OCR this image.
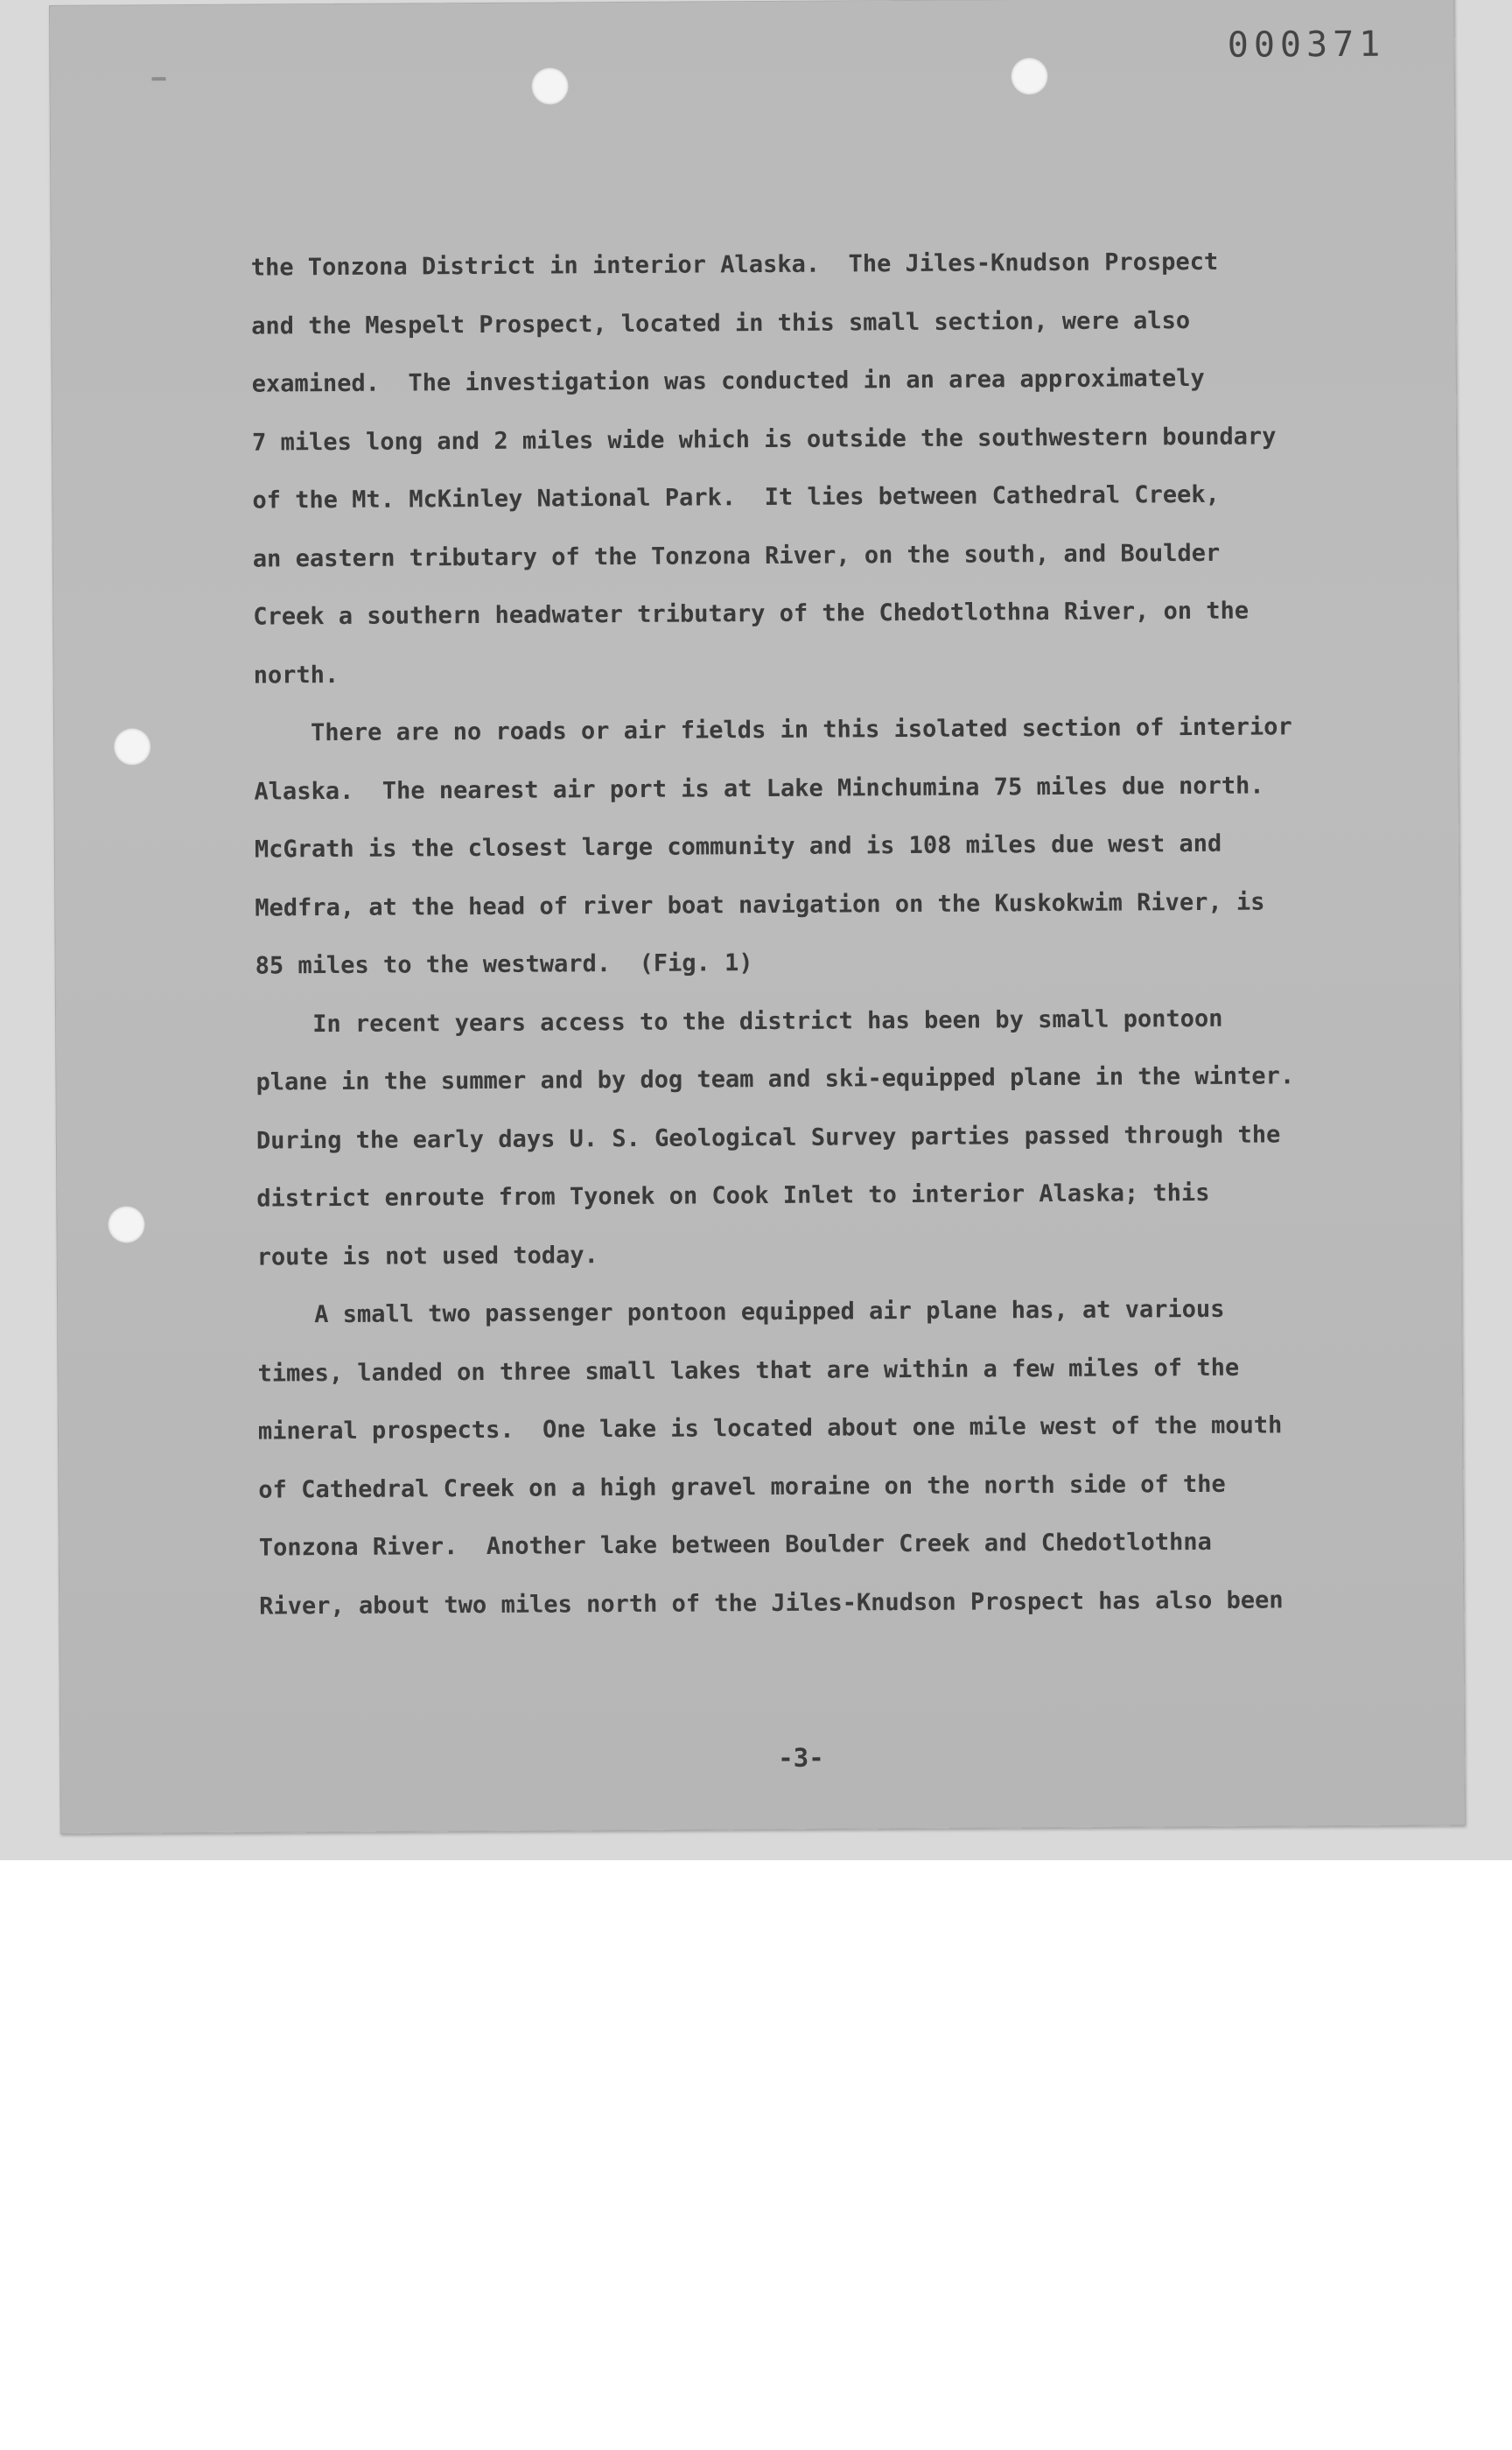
000371

the Tonzona District in interior Alaska.  The Jiles-Knudson Prospect

and the Mespelt Prospect, located in this small section, were also

examined.  The investigation was conducted in an area approximately

7 miles long and 2 miles wide which is outside the southwestern boundary

of the Mt. McKinley National Park.  It lies between Cathedral Creek,

an eastern tributary of the Tonzona River, on the south, and Boulder

Creek a southern headwater tributary of the Chedotlothna River, on the

north.

There are no roads or air fields in this isolated section of interior

Alaska.  The nearest air port is at Lake Minchumina 75 miles due north.

McGrath is the closest large community and is 108 miles due west and

Medfra, at the head of river boat navigation on the Kuskokwim River, is

85 miles to the westward.  (Fig. 1)

In recent years access to the district has been by small pontoon

plane in the summer and by dog team and ski-equipped plane in the winter.

During the early days U. S. Geological Survey parties passed through the

district enroute from Tyonek on Cook Inlet to interior Alaska; this

route is not used today.

A small two passenger pontoon equipped air plane has, at various

times, landed on three small lakes that are within a few miles of the

mineral prospects.  One lake is located about one mile west of the mouth

of Cathedral Creek on a high gravel moraine on the north side of the

Tonzona River.  Another lake between Boulder Creek and Chedotlothna

River, about two miles north of the Jiles-Knudson Prospect has also been

-3-
